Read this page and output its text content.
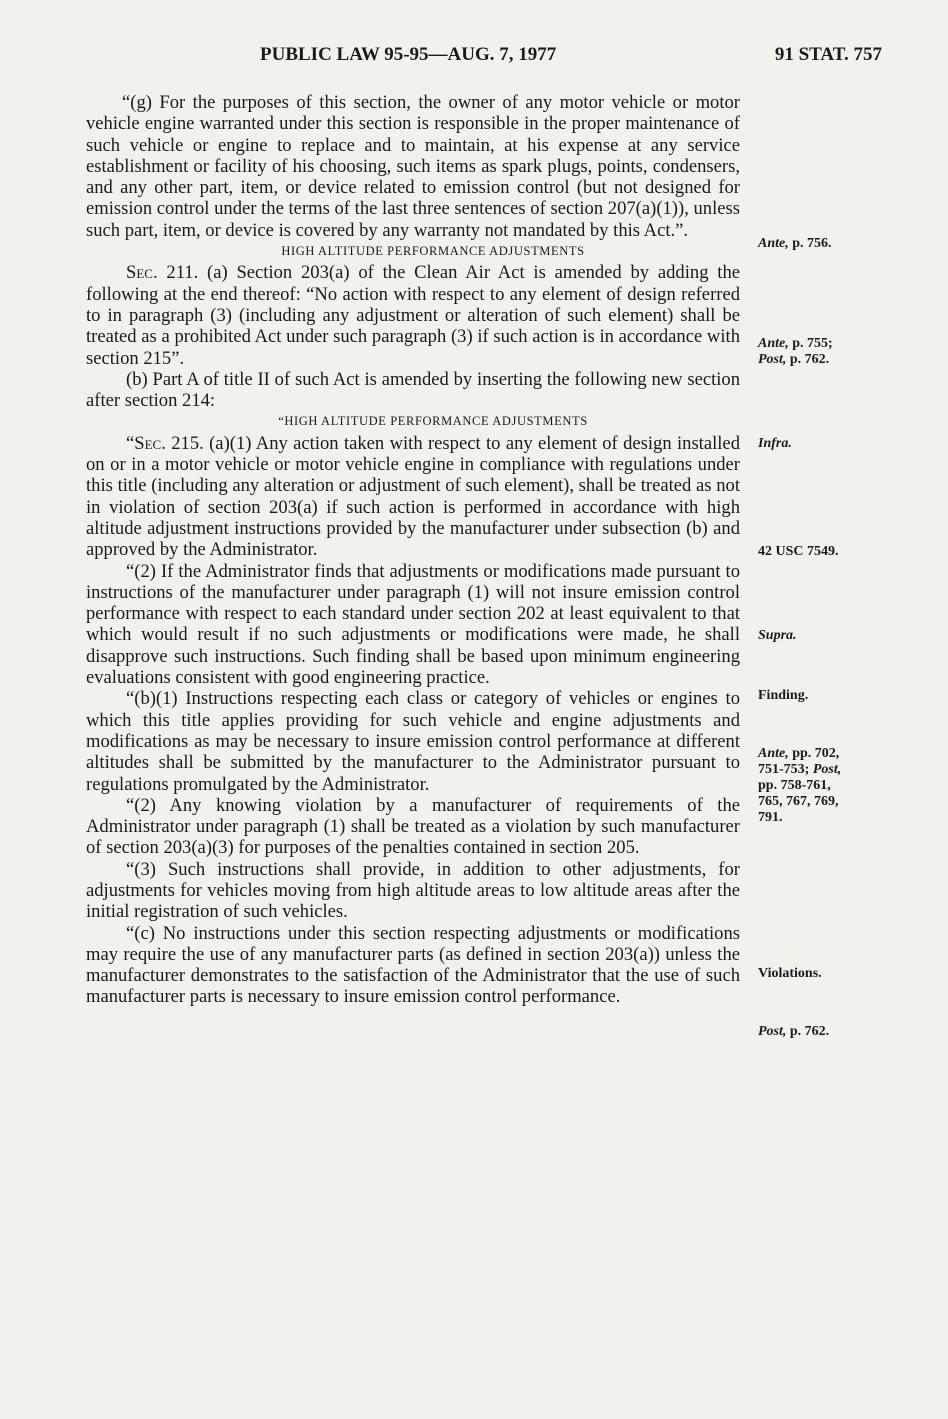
PUBLIC LAW 95-95—AUG. 7, 1977	91 STAT. 757

“(g) For the purposes of this section, the owner of any motor vehicle or motor vehicle engine warranted under this section is responsible in the proper maintenance of such vehicle or engine to replace and to maintain, at his expense at any service establishment or facility of his choosing, such items as spark plugs, points, condensers, and any other part, item, or device related to emission control (but not designed for emission control under the terms of the last three sentences of section 207(a)(1)), unless such part, item, or device is covered by any warranty not mandated by this Act.”.

HIGH ALTITUDE PERFORMANCE ADJUSTMENTS

Sec. 211. (a) Section 203(a) of the Clean Air Act is amended by adding the following at the end thereof: “No action with respect to any element of design referred to in paragraph (3) (including any adjustment or alteration of such element) shall be treated as a prohibited Act under such paragraph (3) if such action is in accordance with section 215”.

(b) Part A of title II of such Act is amended by inserting the following new section after section 214:

“HIGH ALTITUDE PERFORMANCE ADJUSTMENTS

“Sec. 215. (a)(1) Any action taken with respect to any element of design installed on or in a motor vehicle or motor vehicle engine in compliance with regulations under this title (including any alteration or adjustment of such element), shall be treated as not in violation of section 203(a) if such action is performed in accordance with high altitude adjustment instructions provided by the manufacturer under subsection (b) and approved by the Administrator.

“(2) If the Administrator finds that adjustments or modifications made pursuant to instructions of the manufacturer under paragraph (1) will not insure emission control performance with respect to each standard under section 202 at least equivalent to that which would result if no such adjustments or modifications were made, he shall disapprove such instructions. Such finding shall be based upon minimum engineering evaluations consistent with good engineering practice.

“(b)(1) Instructions respecting each class or category of vehicles or engines to which this title applies providing for such vehicle and engine adjustments and modifications as may be necessary to insure emission control performance at different altitudes shall be submitted by the manufacturer to the Administrator pursuant to regulations promulgated by the Administrator.

“(2) Any knowing violation by a manufacturer of requirements of the Administrator under paragraph (1) shall be treated as a violation by such manufacturer of section 203(a)(3) for purposes of the penalties contained in section 205.

“(3) Such instructions shall provide, in addition to other adjustments, for adjustments for vehicles moving from high altitude areas to low altitude areas after the initial registration of such vehicles.

“(c) No instructions under this section respecting adjustments or modifications may require the use of any manufacturer parts (as defined in section 203(a)) unless the manufacturer demonstrates to the satisfaction of the Administrator that the use of such manufacturer parts is necessary to insure emission control performance.

Ante, p. 756.
Ante, p. 755;
Post, p. 762.
Infra.
42 USC 7549.
Supra.
Finding.
Ante, pp. 702,
751-753; Post,
pp. 758-761,
765, 767, 769,
791.
Violations.
Post, p. 762.
